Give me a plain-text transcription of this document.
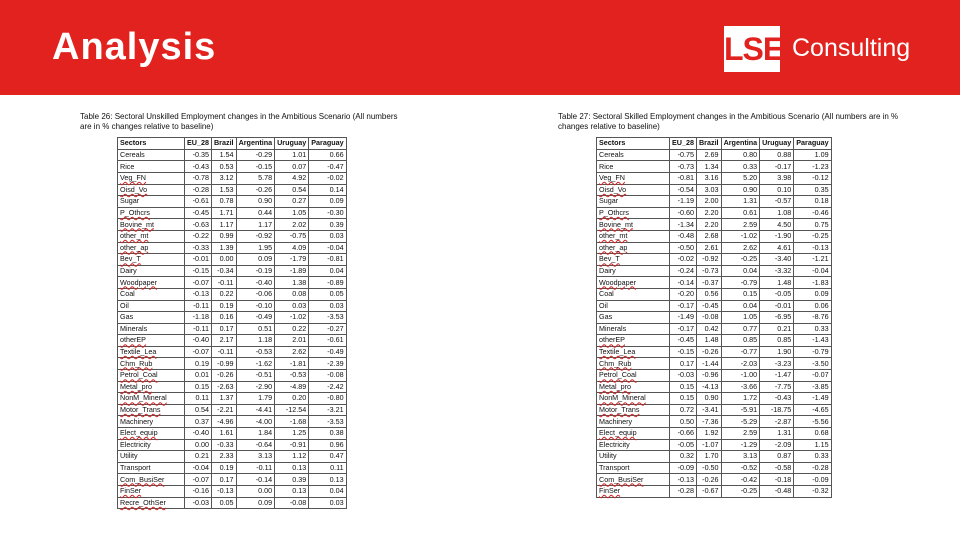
Analysis	LSE Consulting

Table 26: Sectoral Unskilled Employment changes in the Ambitious Scenario (All numbers are in % changes relative to baseline)

Sectors	EU_28	Brazil	Argentina	Uruguay	Paraguay
Cereals	-0.35	1.54	-0.29	1.01	0.66
Rice	-0.43	0.53	-0.15	0.07	-0.47
Veg_FN	-0.78	3.12	5.78	4.92	-0.02
Oisd_Vo	-0.28	1.53	-0.26	0.54	0.14
Sugar	-0.61	0.78	0.90	0.27	0.09
P_Othcrs	-0.45	1.71	0.44	1.05	-0.30
Bovine_mt	-0.63	1.17	1.17	2.02	0.39
other_mt	-0.22	0.99	-0.92	-0.75	0.03
other_ap	-0.33	1.39	1.95	4.09	-0.04
Bev_T	-0.01	0.00	0.09	-1.79	-0.81
Dairy	-0.15	-0.34	-0.19	-1.89	0.04
Woodpaper	-0.07	-0.11	-0.40	1.38	-0.89
Coal	-0.13	0.22	-0.06	0.08	0.05
Oil	-0.11	0.19	-0.10	0.03	0.03
Gas	-1.18	0.16	-0.49	-1.02	-3.53
Minerals	-0.11	0.17	0.51	0.22	-0.27
otherEP	-0.40	2.17	1.18	2.01	-0.61
Textile_Lea	-0.07	-0.11	-0.53	2.62	-0.49
Chm_Rub	0.19	-0.99	-1.62	-1.81	-2.39
Petrol_Coal	0.01	-0.26	-0.51	-0.53	-0.08
Metal_pro	0.15	-2.63	-2.90	-4.89	-2.42
NonM_Mineral	0.11	1.37	1.79	0.20	-0.80
Motor_Trans	0.54	-2.21	-4.41	-12.54	-3.21
Machinery	0.37	-4.96	-4.00	-1.68	-3.53
Elect_equip	-0.40	1.61	1.84	1.25	0.38
Electricity	0.00	-0.33	-0.64	-0.91	0.96
Utility	0.21	2.33	3.13	1.12	0.47
Transport	-0.04	0.19	-0.11	0.13	0.11
Com_BusiSer	-0.07	0.17	-0.14	0.39	0.13
FinSer	-0.16	-0.13	0.00	0.13	0.04
Recre_OthSer	-0.03	0.05	0.09	-0.08	0.03

Table 27: Sectoral Skilled Employment changes in the Ambitious Scenario (All numbers are in % changes relative to baseline)

Sectors	EU_28	Brazil	Argentina	Uruguay	Paraguay
Cereals	-0.75	2.69	0.80	0.88	1.09
Rice	-0.73	1.34	0.33	-0.17	-1.23
Veg_FN	-0.81	3.16	5.20	3.98	-0.12
Oisd_Vo	-0.54	3.03	0.90	0.10	0.35
Sugar	-1.19	2.00	1.31	-0.57	0.18
P_Othcrs	-0.60	2.20	0.61	1.08	-0.46
Bovine_mt	-1.34	2.20	2.59	4.50	0.75
other_mt	-0.48	2.68	-1.02	-1.90	-0.25
other_ap	-0.50	2.61	2.62	4.61	-0.13
Bev_T	-0.02	-0.92	-0.25	-3.40	-1.21
Dairy	-0.24	-0.73	0.04	-3.32	-0.04
Woodpaper	-0.14	-0.37	-0.79	1.48	-1.83
Coal	-0.20	0.56	0.15	-0.05	0.09
Oil	-0.17	-0.45	0.04	-0.01	0.06
Gas	-1.49	-0.08	1.05	-6.95	-8.76
Minerals	-0.17	0.42	0.77	0.21	0.33
otherEP	-0.45	1.48	0.85	0.85	-1.43
Textile_Lea	-0.15	-0.26	-0.77	1.90	-0.79
Chm_Rub	0.17	-1.44	-2.03	-3.23	-3.50
Petrol_Coal	-0.03	-0.96	-1.00	-1.47	-0.07
Metal_pro	0.15	-4.13	-3.66	-7.75	-3.85
NonM_Mineral	0.15	0.90	1.72	-0.43	-1.49
Motor_Trans	0.72	-3.41	-5.91	-18.75	-4.65
Machinery	0.50	-7.36	-5.29	-2.87	-5.56
Elect_equip	-0.66	1.92	2.59	1.31	0.68
Electricity	-0.05	-1.07	-1.29	-2.09	1.15
Utility	0.32	1.70	3.13	0.87	0.33
Transport	-0.09	-0.50	-0.52	-0.58	-0.28
Com_BusiSer	-0.13	-0.26	-0.42	-0.18	-0.09
FinSer	-0.28	-0.67	-0.25	-0.48	-0.32
